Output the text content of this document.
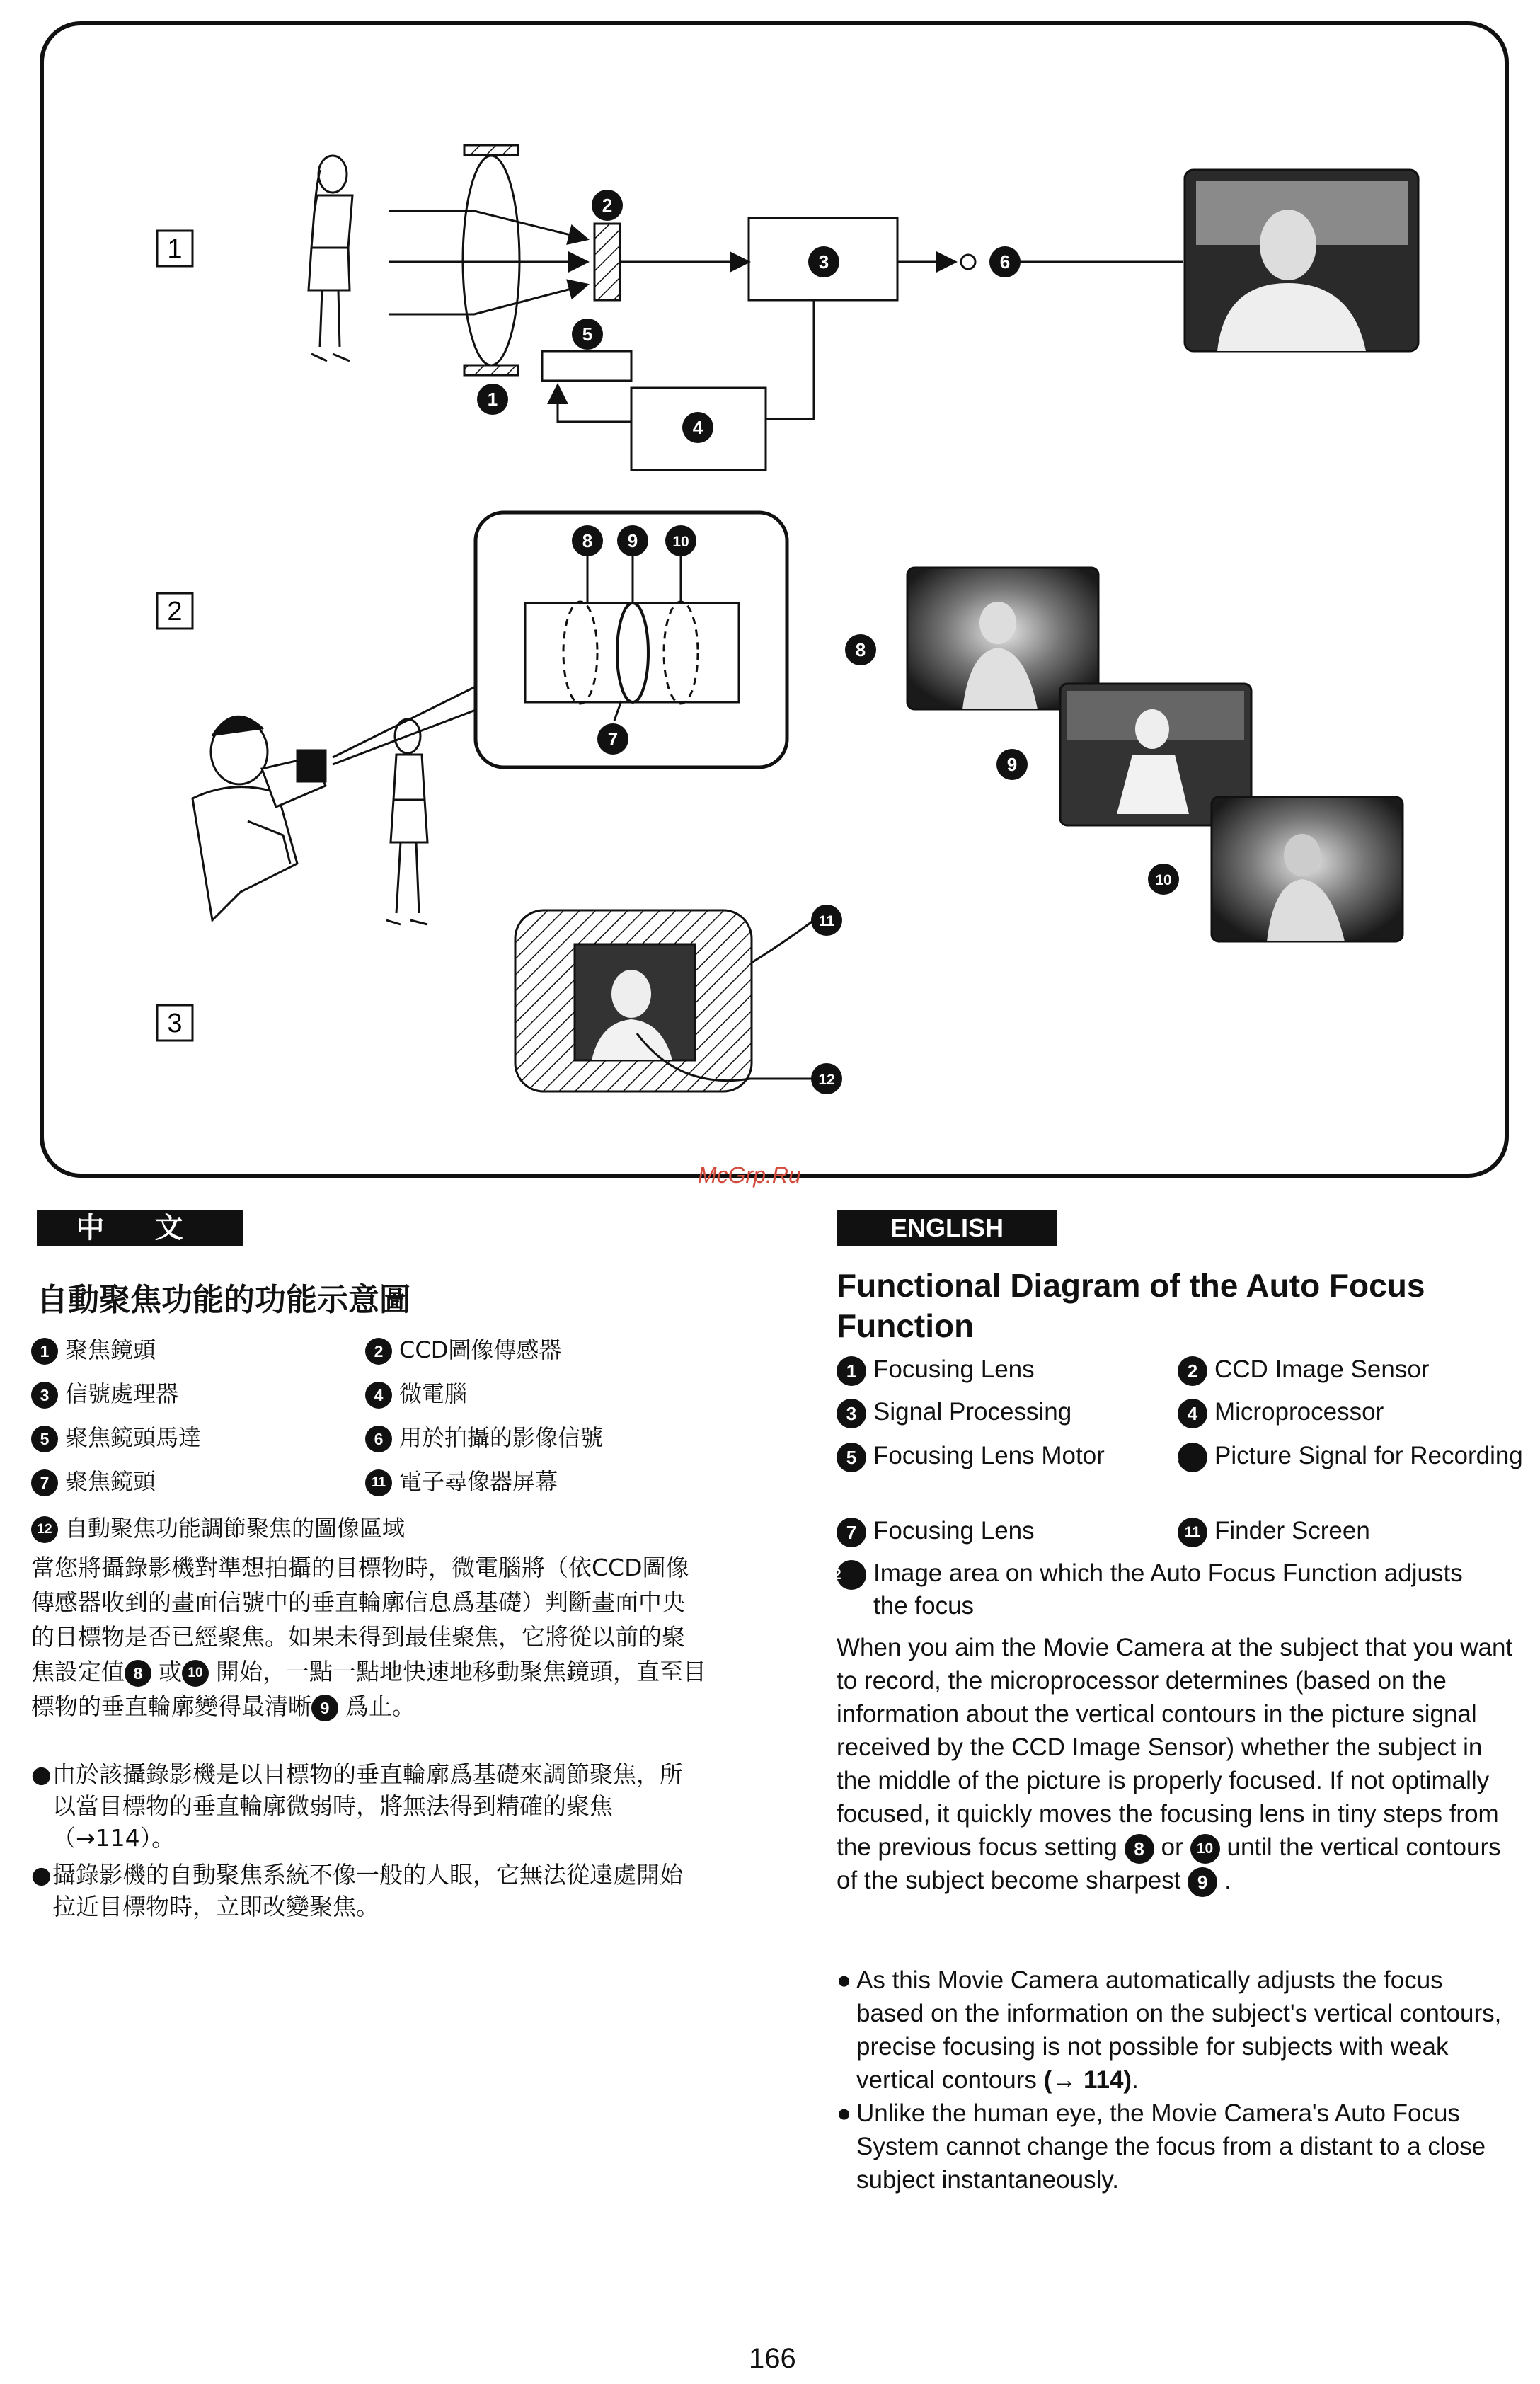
1
2
3
1
2
3
4
5
6
7
8 9 10
8
9
10
11
12
McGrp.Ru
中 文
自動聚焦功能的功能示意圖
1 聚焦鏡頭	2 CCD圖像傳感器
3 信號處理器	4 微電腦
5 聚焦鏡頭馬達	6 用於拍攝的影像信號
7 聚焦鏡頭	11 電子尋像器屏幕
12 自動聚焦功能調節聚焦的圖像區域
當您將攝錄影機對準想拍攝的目標物時，微電腦將（依CCD圖像傳感器收到的畫面信號中的垂直輪廓信息爲基礎）判斷畫面中央的目標物是否已經聚焦。如果未得到最佳聚焦，它將從以前的聚焦設定值 8 或 10 開始，一點一點地快速地移動聚焦鏡頭，直至目標物的垂直輪廓變得最清晰 9 爲止。
●由於該攝錄影機是以目標物的垂直輪廓爲基礎來調節聚焦，所以當目標物的垂直輪廓微弱時，將無法得到精確的聚焦（→114）。
●攝錄影機的自動聚焦系統不像一般的人眼，它無法從遠處開始拉近目標物時，立即改變聚焦。
ENGLISH
Functional Diagram of the Auto Focus Function
1 Focusing Lens	2 CCD Image Sensor
3 Signal Processing	4 Microprocessor
5 Focusing Lens Motor	6 Picture Signal for Recording
7 Focusing Lens	11 Finder Screen
12 Image area on which the Auto Focus Function adjusts the focus
When you aim the Movie Camera at the subject that you want to record, the microprocessor determines (based on the information about the vertical contours in the picture signal received by the CCD Image Sensor) whether the subject in the middle of the picture is properly focused. If not optimally focused, it quickly moves the focusing lens in tiny steps from the previous focus setting 8 or 10 until the vertical contours of the subject become sharpest 9 .
● As this Movie Camera automatically adjusts the focus based on the information on the subject's vertical contours, precise focusing is not possible for subjects with weak vertical contours (→ 114).
● Unlike the human eye, the Movie Camera's Auto Focus System cannot change the focus from a distant to a close subject instantaneously.
166
